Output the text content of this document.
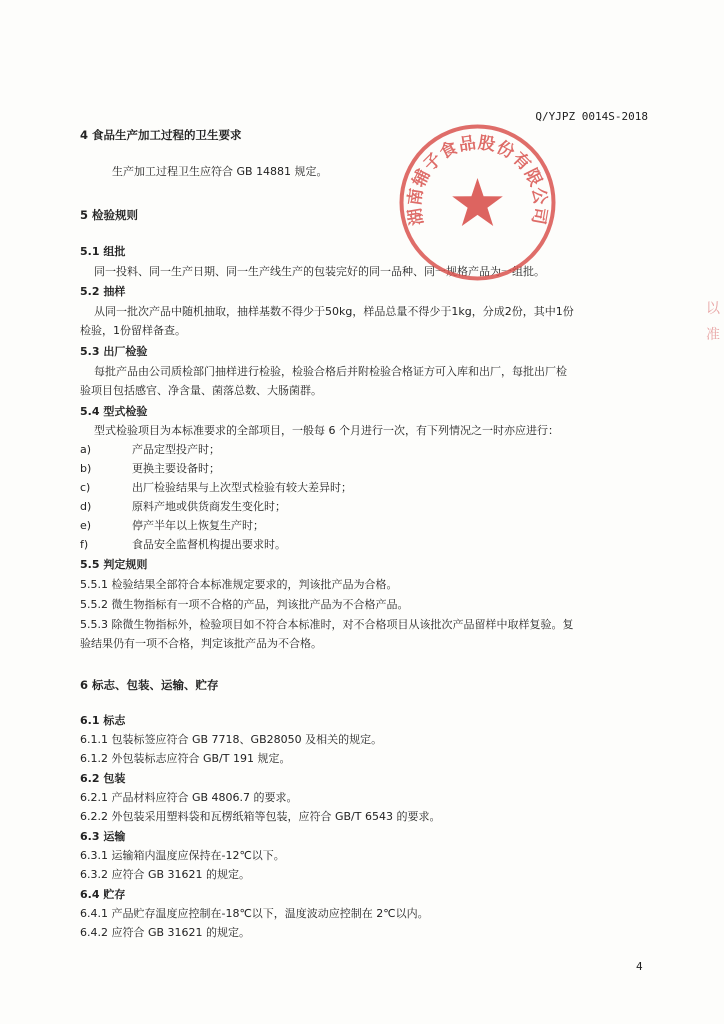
Q/YJPZ 0014S-2018
4 食品生产加工过程的卫生要求
生产加工过程卫生应符合 GB 14881 规定。
5 检验规则
5.1 组批
同一投料、同一生产日期、同一生产线生产的包装完好的同一品种、同一规格产品为一组批。
5.2 抽样
从同一批次产品中随机抽取，抽样基数不得少于50kg，样品总量不得少于1kg，分成2份，其中1份
检验，1份留样备查。
5.3 出厂检验
每批产品由公司质检部门抽样进行检验，检验合格后并附检验合格证方可入库和出厂，每批出厂检
验项目包括感官、净含量、菌落总数、大肠菌群。
5.4 型式检验
型式检验项目为本标准要求的全部项目，一般每 6 个月进行一次，有下列情况之一时亦应进行：
a)	产品定型投产时；
b)	更换主要设备时；
c)	出厂检验结果与上次型式检验有较大差异时；
d)	原料产地或供货商发生变化时；
e)	停产半年以上恢复生产时；
f)	食品安全监督机构提出要求时。
5.5 判定规则
5.5.1 检验结果全部符合本标准规定要求的，判该批产品为合格。
5.5.2 微生物指标有一项不合格的产品，判该批产品为不合格产品。
5.5.3 除微生物指标外，检验项目如不符合本标准时，对不合格项目从该批次产品留样中取样复验。复
验结果仍有一项不合格，判定该批产品为不合格。
6 标志、包装、运输、贮存
6.1 标志
6.1.1 包装标签应符合 GB 7718、GB28050 及相关的规定。
6.1.2 外包装标志应符合 GB/T 191 规定。
6.2 包装
6.2.1 产品材料应符合 GB 4806.7 的要求。
6.2.2 外包装采用塑料袋和瓦楞纸箱等包装，应符合 GB/T 6543 的要求。
6.3 运输
6.3.1 运输箱内温度应保持在-12℃以下。
6.3.2 应符合 GB 31621 的规定。
6.4 贮存
6.4.1 产品贮存温度应控制在-18℃以下，温度波动应控制在 2℃以内。
6.4.2 应符合 GB 31621 的规定。
4
湖南辅子食品股份有限公司
以准
